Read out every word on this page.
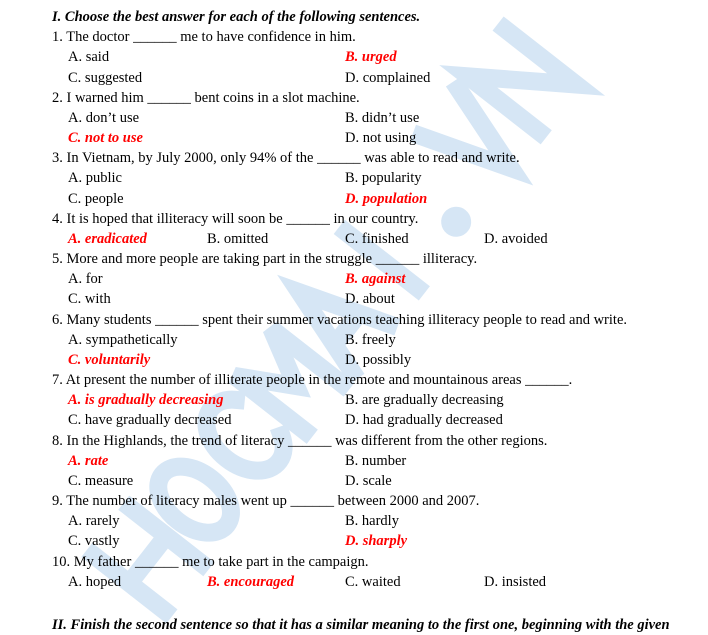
I. Choose the best answer for each of the following sentences.
1. The doctor ______ me to have confidence in him.
A. said	B. urged
C. suggested	D. complained
2. I warned him ______ bent coins in a slot machine.
A. don’t use	B. didn’t use
C. not to use	D. not using
3. In Vietnam, by July 2000, only 94% of the ______ was able to read and write.
A. public	B. popularity
C. people	D. population
4. It is hoped that illiteracy will soon be ______ in our country.
A. eradicated	B. omitted	C. finished	D. avoided
5. More and more people are taking part in the struggle ______ illiteracy.
A. for	B. against
C. with	D. about
6. Many students ______ spent their summer vacations teaching illiteracy people to read and write.
A. sympathetically	B. freely
C. voluntarily	D. possibly
7. At present the number of illiterate people in the remote and mountainous areas ______.
A. is gradually decreasing	B. are gradually decreasing
C. have gradually decreased	D. had gradually decreased
8. In the Highlands, the trend of literacy ______ was different from the other regions.
A. rate	B. number
C. measure	D. scale
9. The number of literacy males went up ______ between 2000 and 2007.
A. rarely	B. hardly
C. vastly	D. sharply
10. My father ______ me to take part in the campaign.
A. hoped	B. encouraged	C. waited	D. insisted
II. Finish the second sentence so that it has a similar meaning to the first one, beginning with the given
